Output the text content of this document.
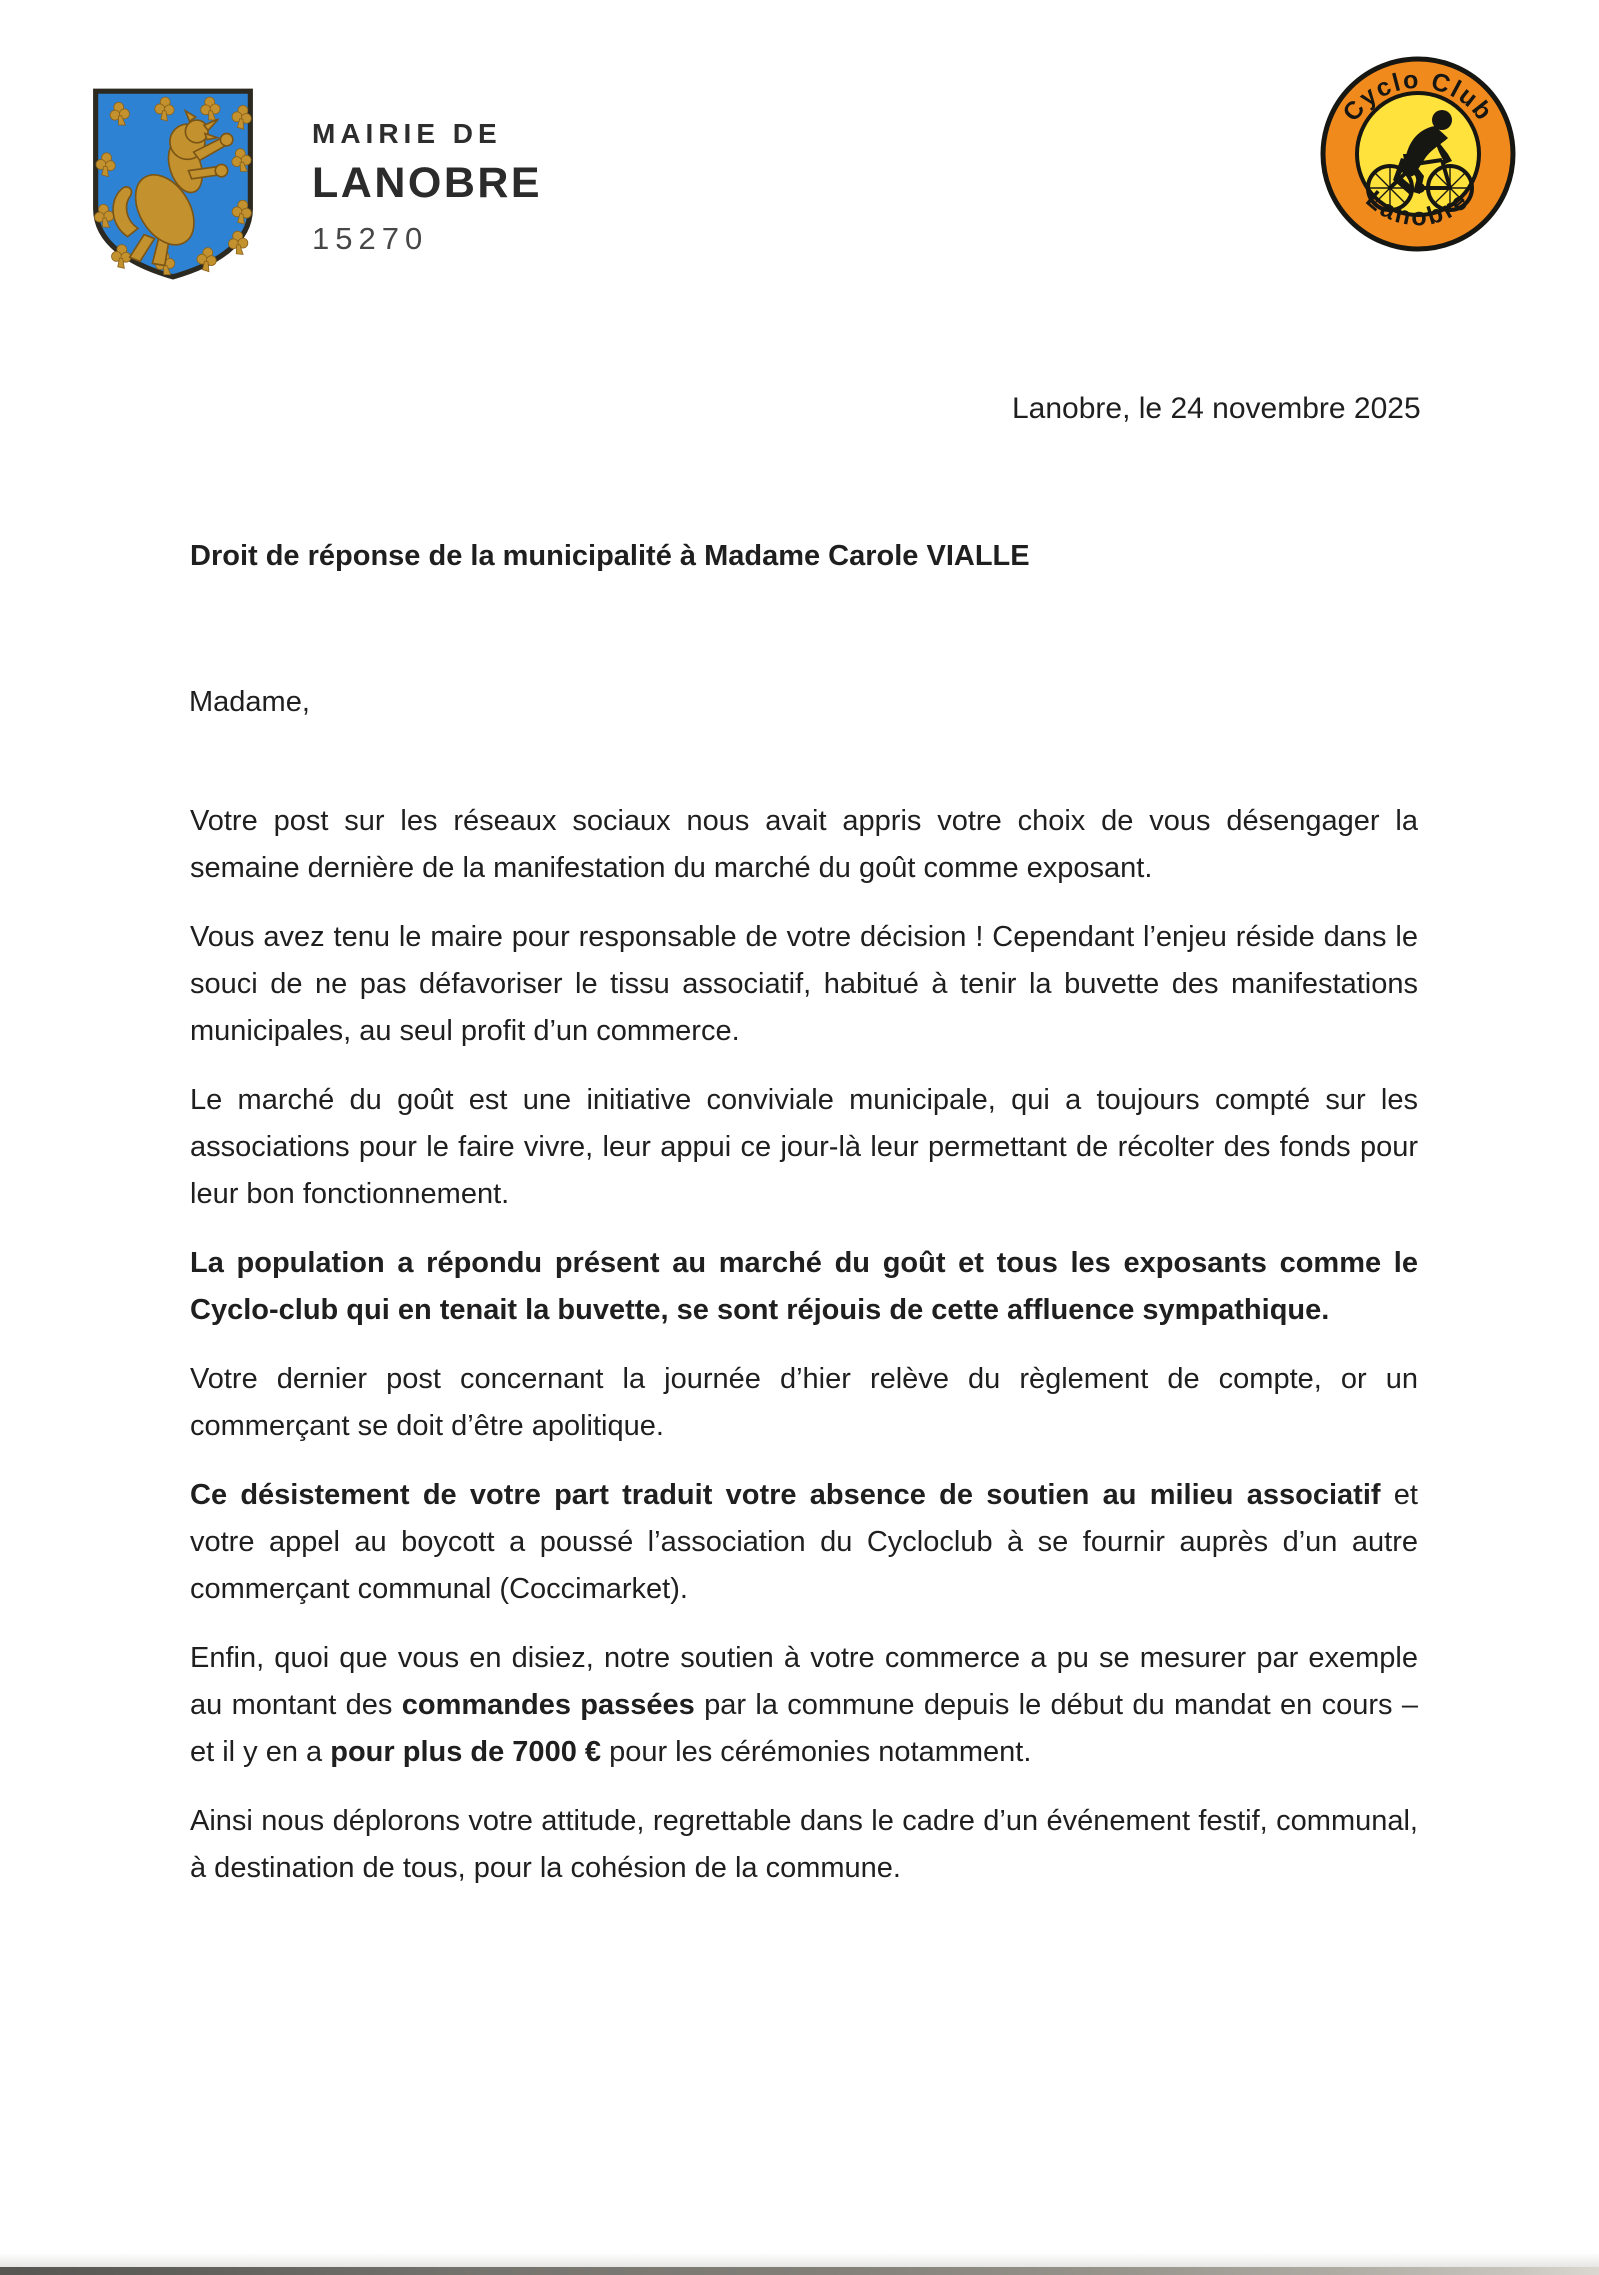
MAIRIE DE
LANOBRE
15270
Cyclo Club
Lanobre
Lanobre, le 24 novembre 2025
Droit de réponse de la municipalité à Madame Carole VIALLE
Madame,

Votre post sur les réseaux sociaux nous avait appris votre choix de vous désengager la semaine dernière de la manifestation du marché du goût comme exposant.

Vous avez tenu le maire pour responsable de votre décision ! Cependant l’enjeu réside dans le souci de ne pas défavoriser le tissu associatif, habitué à tenir la buvette des manifestations municipales, au seul profit d’un commerce.

Le marché du goût est une initiative conviviale municipale, qui a toujours compté sur les associations pour le faire vivre, leur appui ce jour-là leur permettant de récolter des fonds pour leur bon fonctionnement.

La population a répondu présent au marché du goût et tous les exposants comme le Cyclo-club qui en tenait la buvette, se sont réjouis de cette affluence sympathique.

Votre dernier post concernant la journée d’hier relève du règlement de compte, or un commerçant se doit d’être apolitique.

Ce désistement de votre part traduit votre absence de soutien au milieu associatif et votre appel au boycott a poussé l’association du Cycloclub à se fournir auprès d’un autre commerçant communal (Coccimarket).

Enfin, quoi que vous en disiez, notre soutien à votre commerce a pu se mesurer par exemple au montant des commandes passées par la commune depuis le début du mandat en cours – et il y en a pour plus de 7000 € pour les cérémonies notamment.

Ainsi nous déplorons votre attitude, regrettable dans le cadre d’un événement festif, communal, à destination de tous, pour la cohésion de la commune.
